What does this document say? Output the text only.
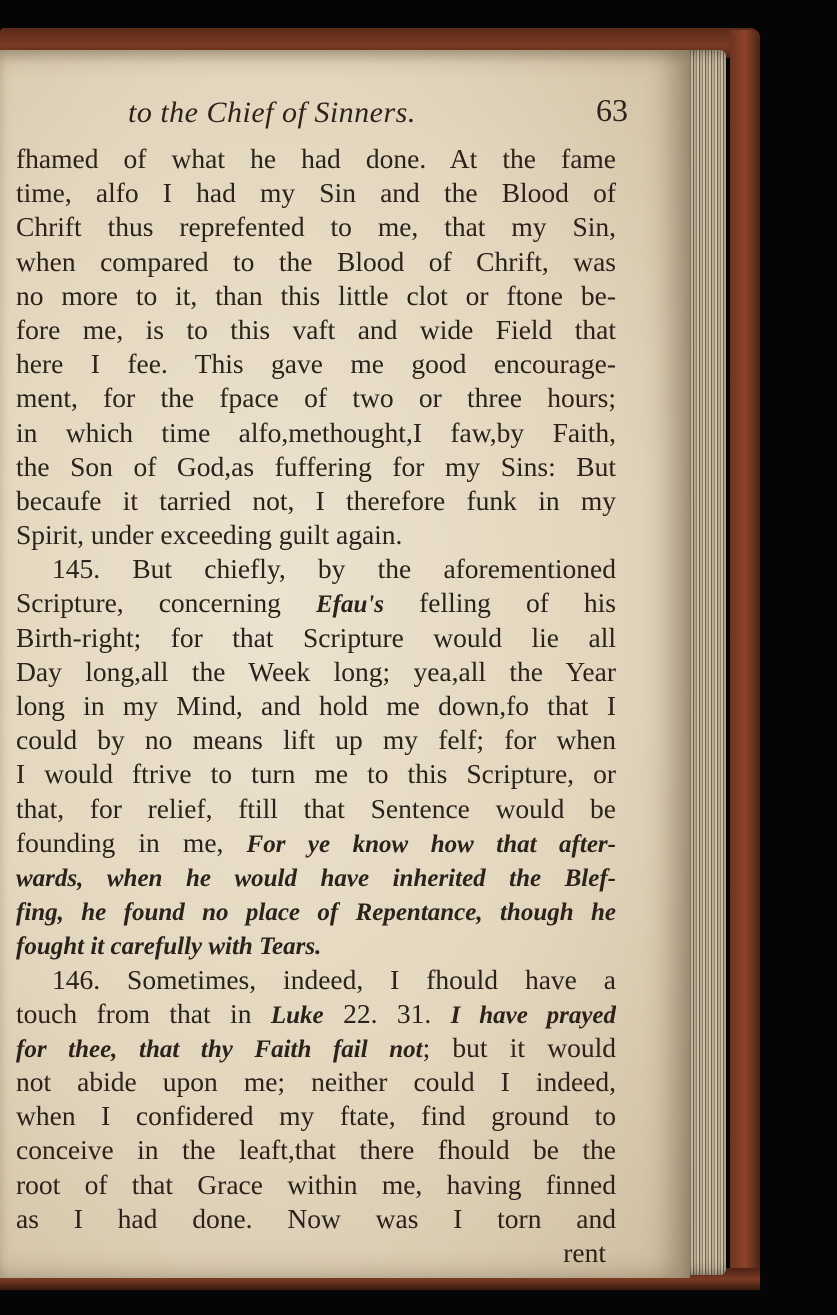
to the Chief of Sinners.	63
fhamed of what he had done. At the fame
time, alfo I had my Sin and the Blood of
Chrift thus reprefented to me, that my Sin,
when compared to the Blood of Chrift, was
no more to it, than this little clot or ftone be-
fore me, is to this vaft and wide Field that
here I fee. This gave me good encourage-
ment, for the fpace of two or three hours;
in which time alfo,methought,I faw,by Faith,
the Son of God,as fuffering for my Sins: But
becaufe it tarried not, I therefore funk in my
Spirit, under exceeding guilt again.
145. But chiefly, by the aforementioned
Scripture, concerning Efau's felling of his
Birth-right; for that Scripture would lie all
Day long,all the Week long; yea,all the Year
long in my Mind, and hold me down,fo that I
could by no means lift up my felf; for when
I would ftrive to turn me to this Scripture, or
that, for relief, ftill that Sentence would be
founding in me, For ye know how that after-
wards, when he would have inherited the Blef-
fing, he found no place of Repentance, though he
fought it carefully with Tears.
146. Sometimes, indeed, I fhould have a
touch from that in Luke 22. 31. I have prayed
for thee, that thy Faith fail not; but it would
not abide upon me; neither could I indeed,
when I confidered my ftate, find ground to
conceive in the leaft,that there fhould be the
root of that Grace within me, having finned
as I had done. Now was I torn and
rent
